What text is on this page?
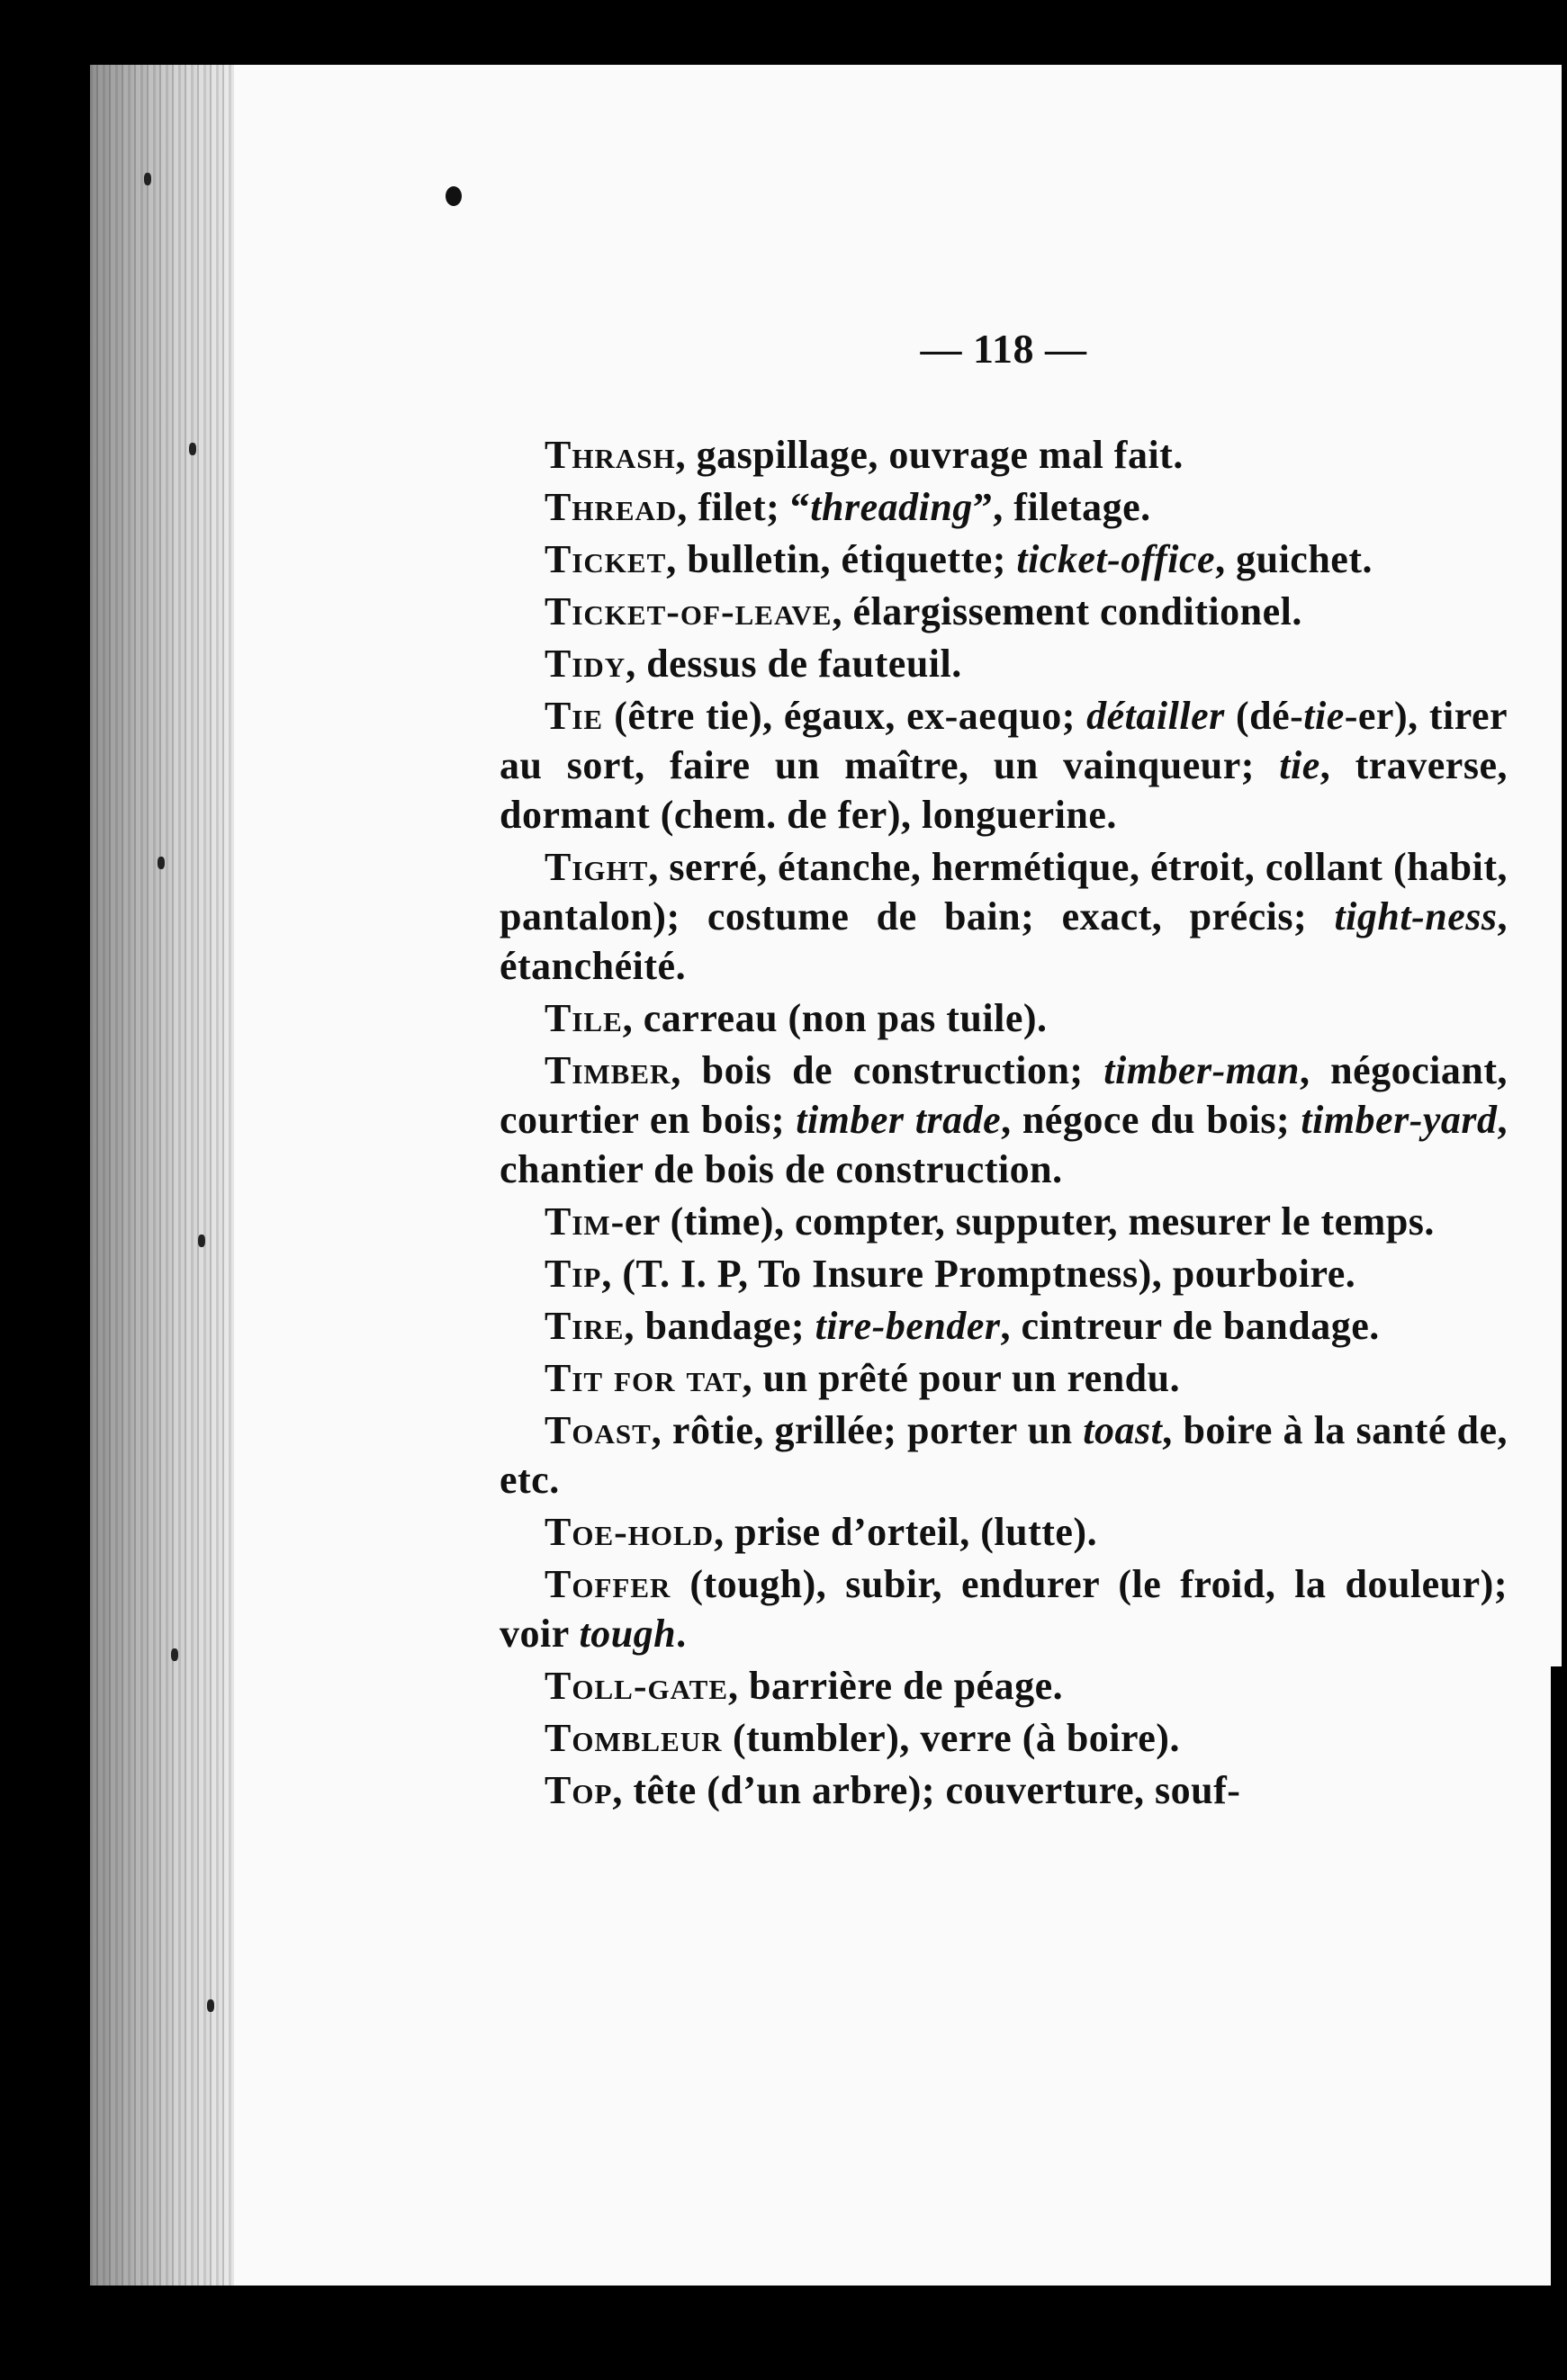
— 118 —

Thrash, gaspillage, ouvrage mal fait.

Thread, filet; “threading”, filetage.

Ticket, bulletin, étiquette; ticket-office, guichet.

Ticket-of-leave, élargissement conditionel.

Tidy, dessus de fauteuil.

Tie (être tie), égaux, ex-aequo; détailler (dé-tie-er), tirer au sort, faire un maître, un vainqueur; tie, traverse, dormant (chem. de fer), longuerine.

Tight, serré, étanche, hermétique, étroit, collant (habit, pantalon); costume de bain; exact, précis; tight-ness, étanchéité.

Tile, carreau (non pas tuile).

Timber, bois de construction; timber-man, négociant, courtier en bois; timber trade, négoce du bois; timber-yard, chantier de bois de construction.

Tim-er (time), compter, supputer, mesurer le temps.

Tip, (T. I. P, To Insure Promptness), pourboire.

Tire, bandage; tire-bender, cintreur de bandage.

Tit for tat, un prêté pour un rendu.

Toast, rôtie, grillée; porter un toast, boire à la santé de, etc.

Toe-hold, prise d’orteil, (lutte).

Toffer (tough), subir, endurer (le froid, la douleur); voir tough.

Toll-gate, barrière de péage.

Tombleur (tumbler), verre (à boire).

Top, tête (d’un arbre); couverture, souf-
